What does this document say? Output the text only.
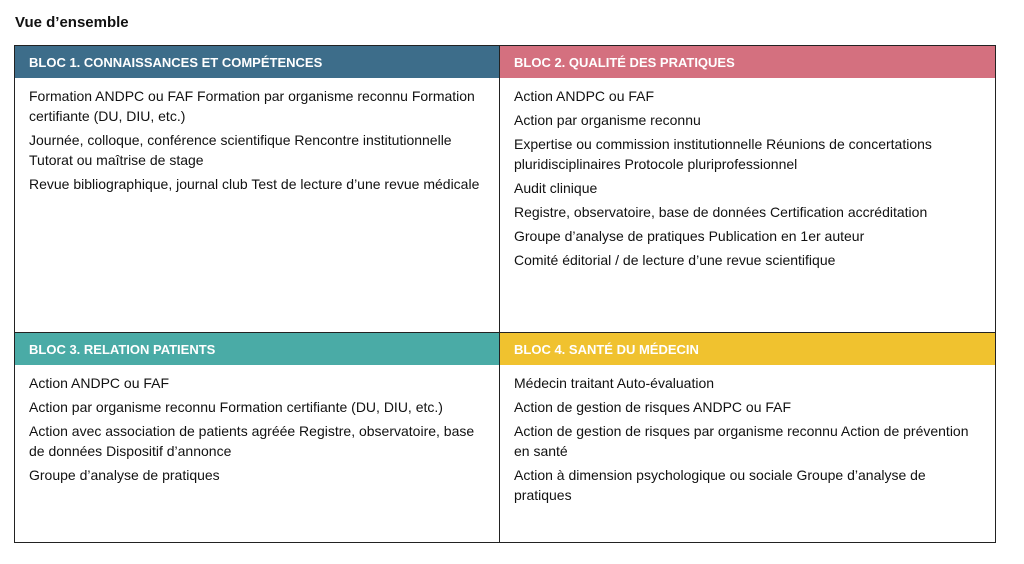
Vue d’ensemble
BLOC 1. CONNAISSANCES ET COMPÉTENCES
Formation ANDPC ou FAF Formation par organisme reconnu Formation certifiante (DU, DIU, etc.)
Journée, colloque, conférence scientifique Rencontre institutionnelle Tutorat ou maîtrise de stage
Revue bibliographique, journal club Test de lecture d’une revue médicale
BLOC 2. QUALITÉ DES PRATIQUES
Action ANDPC ou FAF
Action par organisme reconnu
Expertise ou commission institutionnelle Réunions de concertations pluridisciplinaires Protocole pluriprofessionnel
Audit clinique
Registre, observatoire, base de données Certification accréditation
Groupe d’analyse de pratiques Publication en 1er auteur
Comité éditorial / de lecture d’une revue scientifique
BLOC 3. RELATION PATIENTS
Action ANDPC ou FAF
Action par organisme reconnu Formation certifiante (DU, DIU, etc.)
Action avec association de patients agréée Registre, observatoire, base de données Dispositif d’annonce
Groupe d’analyse de pratiques
BLOC 4. SANTÉ DU MÉDECIN
Médecin traitant Auto-évaluation
Action de gestion de risques ANDPC ou FAF
Action de gestion de risques par organisme reconnu Action de prévention en santé
Action à dimension psychologique ou sociale Groupe d’analyse de pratiques
